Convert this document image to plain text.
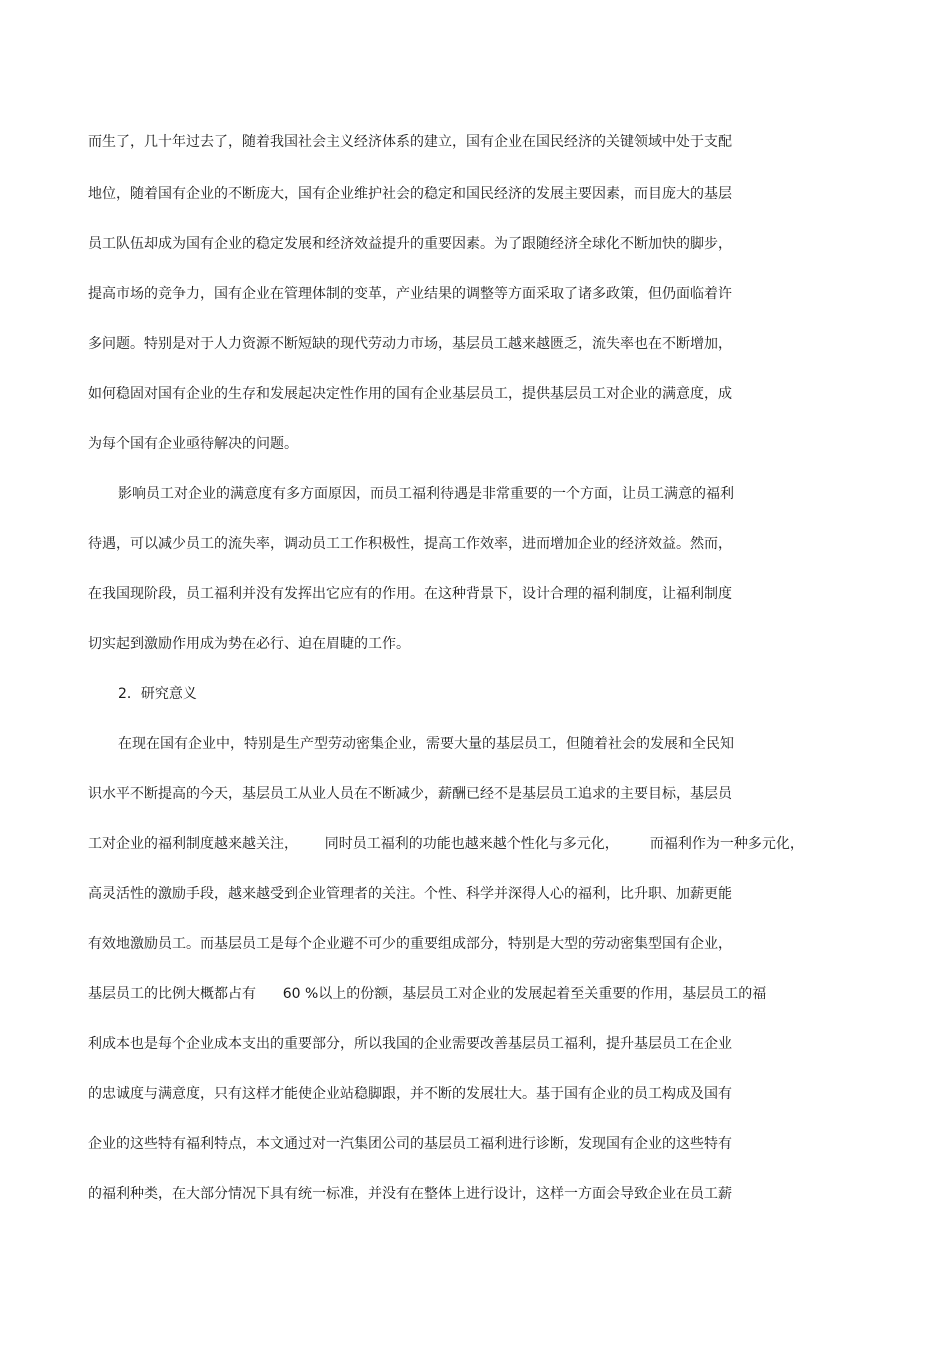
而生了，几十年过去了，随着我国社会主义经济体系的建立，国有企业在国民经济的关键领域中处于支配

地位，随着国有企业的不断庞大，国有企业维护社会的稳定和国民经济的发展主要因素，而目庞大的基层

员工队伍却成为国有企业的稳定发展和经济效益提升的重要因素。为了跟随经济全球化不断加快的脚步，

提高市场的竞争力，国有企业在管理体制的变革，产业结果的调整等方面采取了诸多政策，但仍面临着许

多问题。特别是对于人力资源不断短缺的现代劳动力市场，基层员工越来越匮乏，流失率也在不断增加，

如何稳固对国有企业的生存和发展起决定性作用的国有企业基层员工，提供基层员工对企业的满意度，成

为每个国有企业亟待解决的问题。

影响员工对企业的满意度有多方面原因，而员工福利待遇是非常重要的一个方面，让员工满意的福利

待遇，可以减少员工的流失率，调动员工工作积极性，提高工作效率，进而增加企业的经济效益。然而，

在我国现阶段，员工福利并没有发挥出它应有的作用。在这种背景下，设计合理的福利制度，让福利制度

切实起到激励作用成为势在必行、迫在眉睫的工作。

2．研究意义

在现在国有企业中，特别是生产型劳动密集企业，需要大量的基层员工，但随着社会的发展和全民知

识水平不断提高的今天，基层员工从业人员在不断减少，薪酬已经不是基层员工追求的主要目标，基层员

工对企业的福利制度越来越关注，      同时员工福利的功能也越来越个性化与多元化，       而福利作为一种多元化，

高灵活性的激励手段，越来越受到企业管理者的关注。个性、科学并深得人心的福利，比升职、加薪更能

有效地激励员工。而基层员工是每个企业避不可少的重要组成部分，特别是大型的劳动密集型国有企业，

基层员工的比例大概都占有      60 %以上的份额，基层员工对企业的发展起着至关重要的作用，基层员工的福

利成本也是每个企业成本支出的重要部分，所以我国的企业需要改善基层员工福利，提升基层员工在企业

的忠诚度与满意度，只有这样才能使企业站稳脚跟，并不断的发展壮大。基于国有企业的员工构成及国有

企业的这些特有福利特点，本文通过对一汽集团公司的基层员工福利进行诊断，发现国有企业的这些特有

的福利种类，在大部分情况下具有统一标准，并没有在整体上进行设计，这样一方面会导致企业在员工薪
